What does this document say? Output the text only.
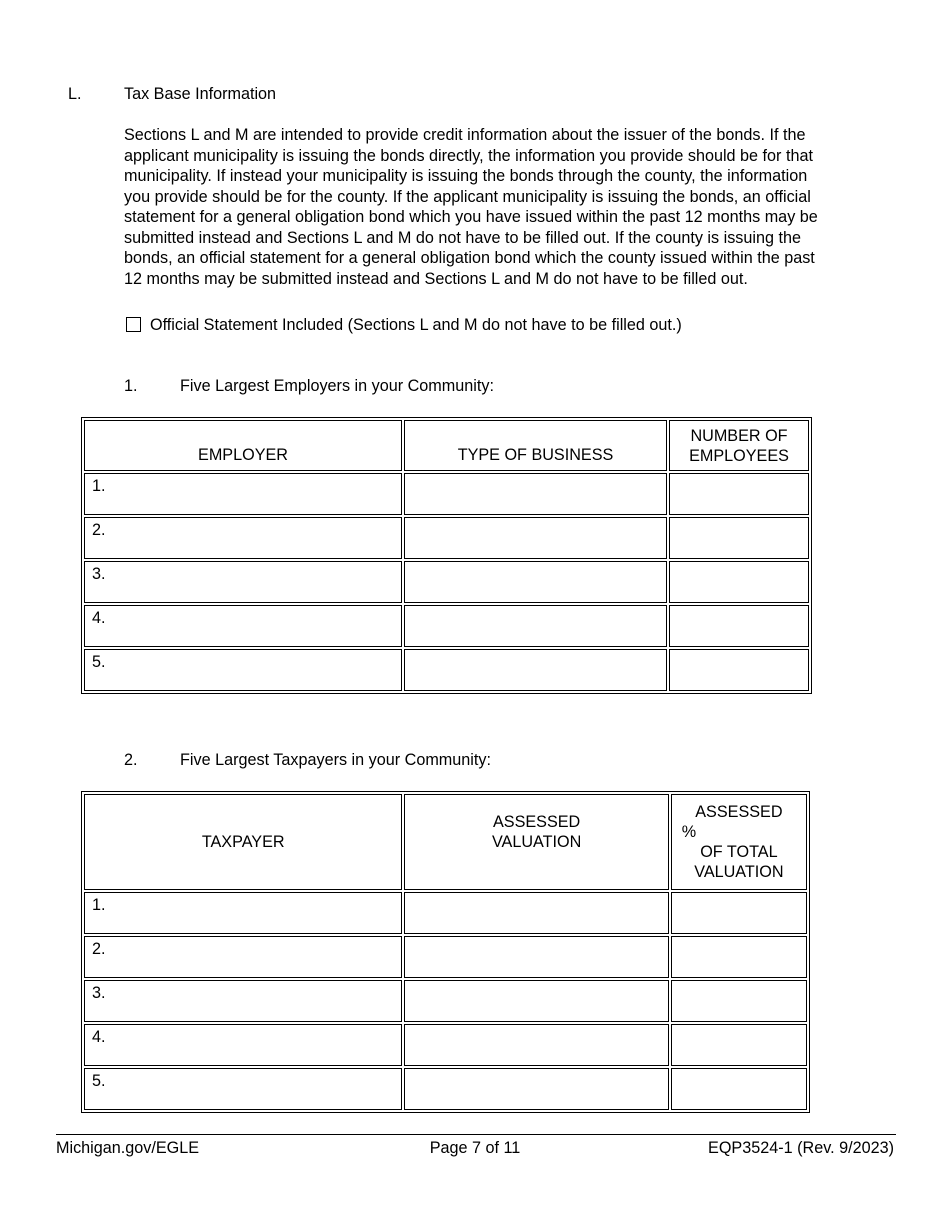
L.	Tax Base Information
Sections L and M are intended to provide credit information about the issuer of the bonds. If the
applicant municipality is issuing the bonds directly, the information you provide should be for that
municipality. If instead your municipality is issuing the bonds through the county, the information
you provide should be for the county. If the applicant municipality is issuing the bonds, an official
statement for a general obligation bond which you have issued within the past 12 months may be
submitted instead and Sections L and M do not have to be filled out. If the county is issuing the
bonds, an official statement for a general obligation bond which the county issued within the past
12 months may be submitted instead and Sections L and M do not have to be filled out.
Official Statement Included (Sections L and M do not have to be filled out.)
1.	Five Largest Employers in your Community:
EMPLOYER	TYPE OF BUSINESS	NUMBER OF
EMPLOYEES

1.		
2.		
3.		
4.		
5.		
2.	Five Largest Taxpayers in your Community:
TAXPAYER	ASSESSED
VALUATION	ASSESSED
%
OF TOTAL
VALUATION

1.		
2.		
3.		
4.		
5.		
Michigan.gov/EGLE	Page 7 of 11	EQP3524-1 (Rev. 9/2023)
